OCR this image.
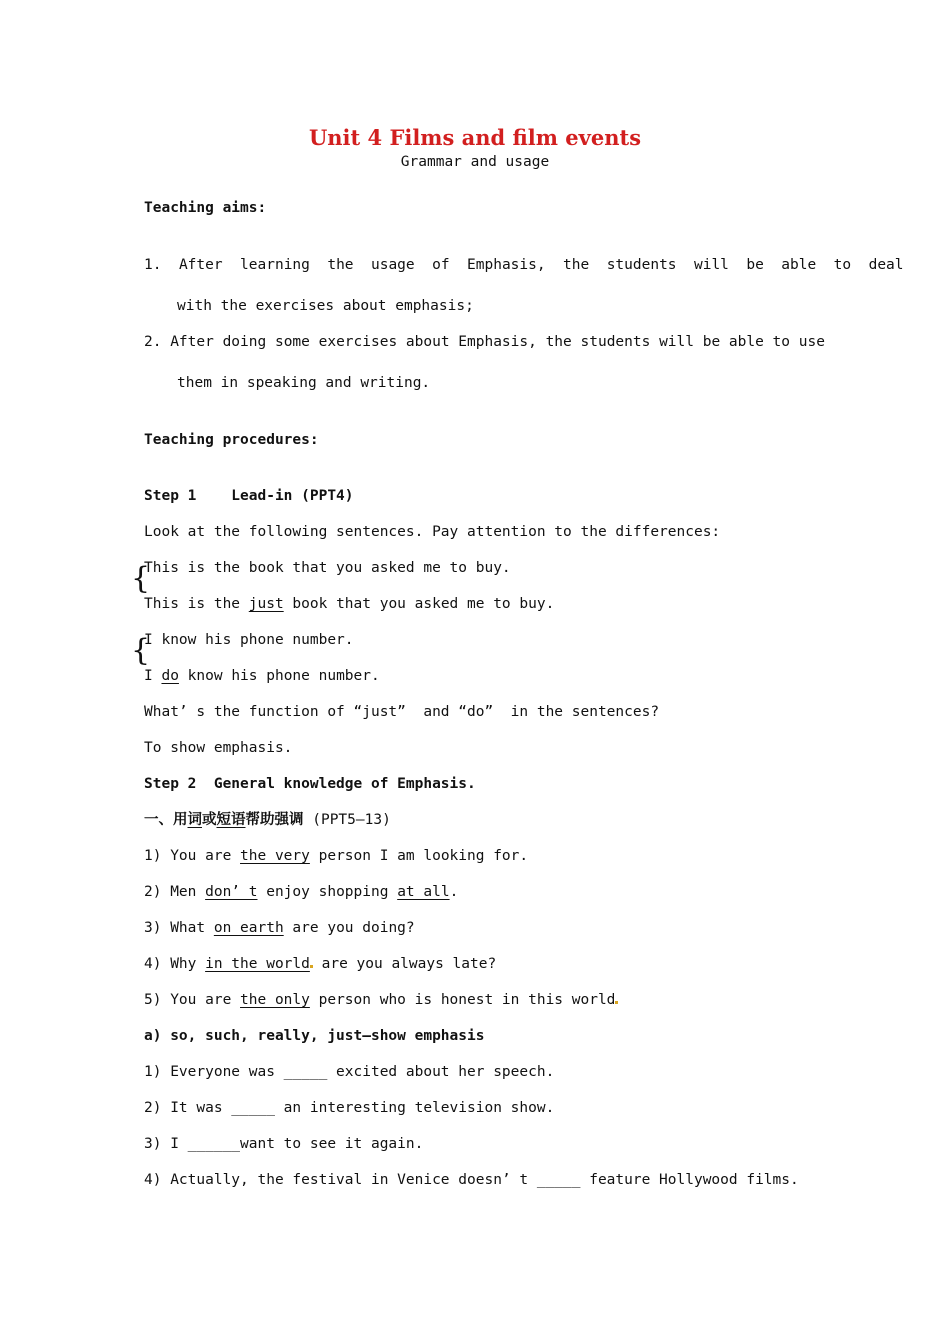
Unit 4 Films and film events
Grammar and usage
Teaching aims:
1. After  learning  the  usage  of  Emphasis,  the  students  will  be  able  to  deal
with the exercises about emphasis;
2. After doing some exercises about Emphasis, the students will be able to use
them in speaking and writing.
Teaching procedures:
Step 1    Lead-in (PPT4)
Look at the following sentences. Pay attention to the differences:
{
This is the book that you asked me to buy.
This is the just book that you asked me to buy.
{
I know his phone number.
I do know his phone number.
What’ s the function of “just”  and “do”  in the sentences?
To show emphasis.
Step 2  General knowledge of Emphasis.
一、用词或短语帮助强调 (PPT5—13)
1) You are the very person I am looking for.
2) Men don’ t enjoy shopping at all.
3) What on earth are you doing?
4) Why in the world are you always late?
5) You are the only person who is honest in this world
a) so, such, really, just—show emphasis
1) Everyone was _____ excited about her speech.
2) It was _____ an interesting television show.
3) I ______want to see it again.
4) Actually, the festival in Venice doesn’ t _____ feature Hollywood films.
